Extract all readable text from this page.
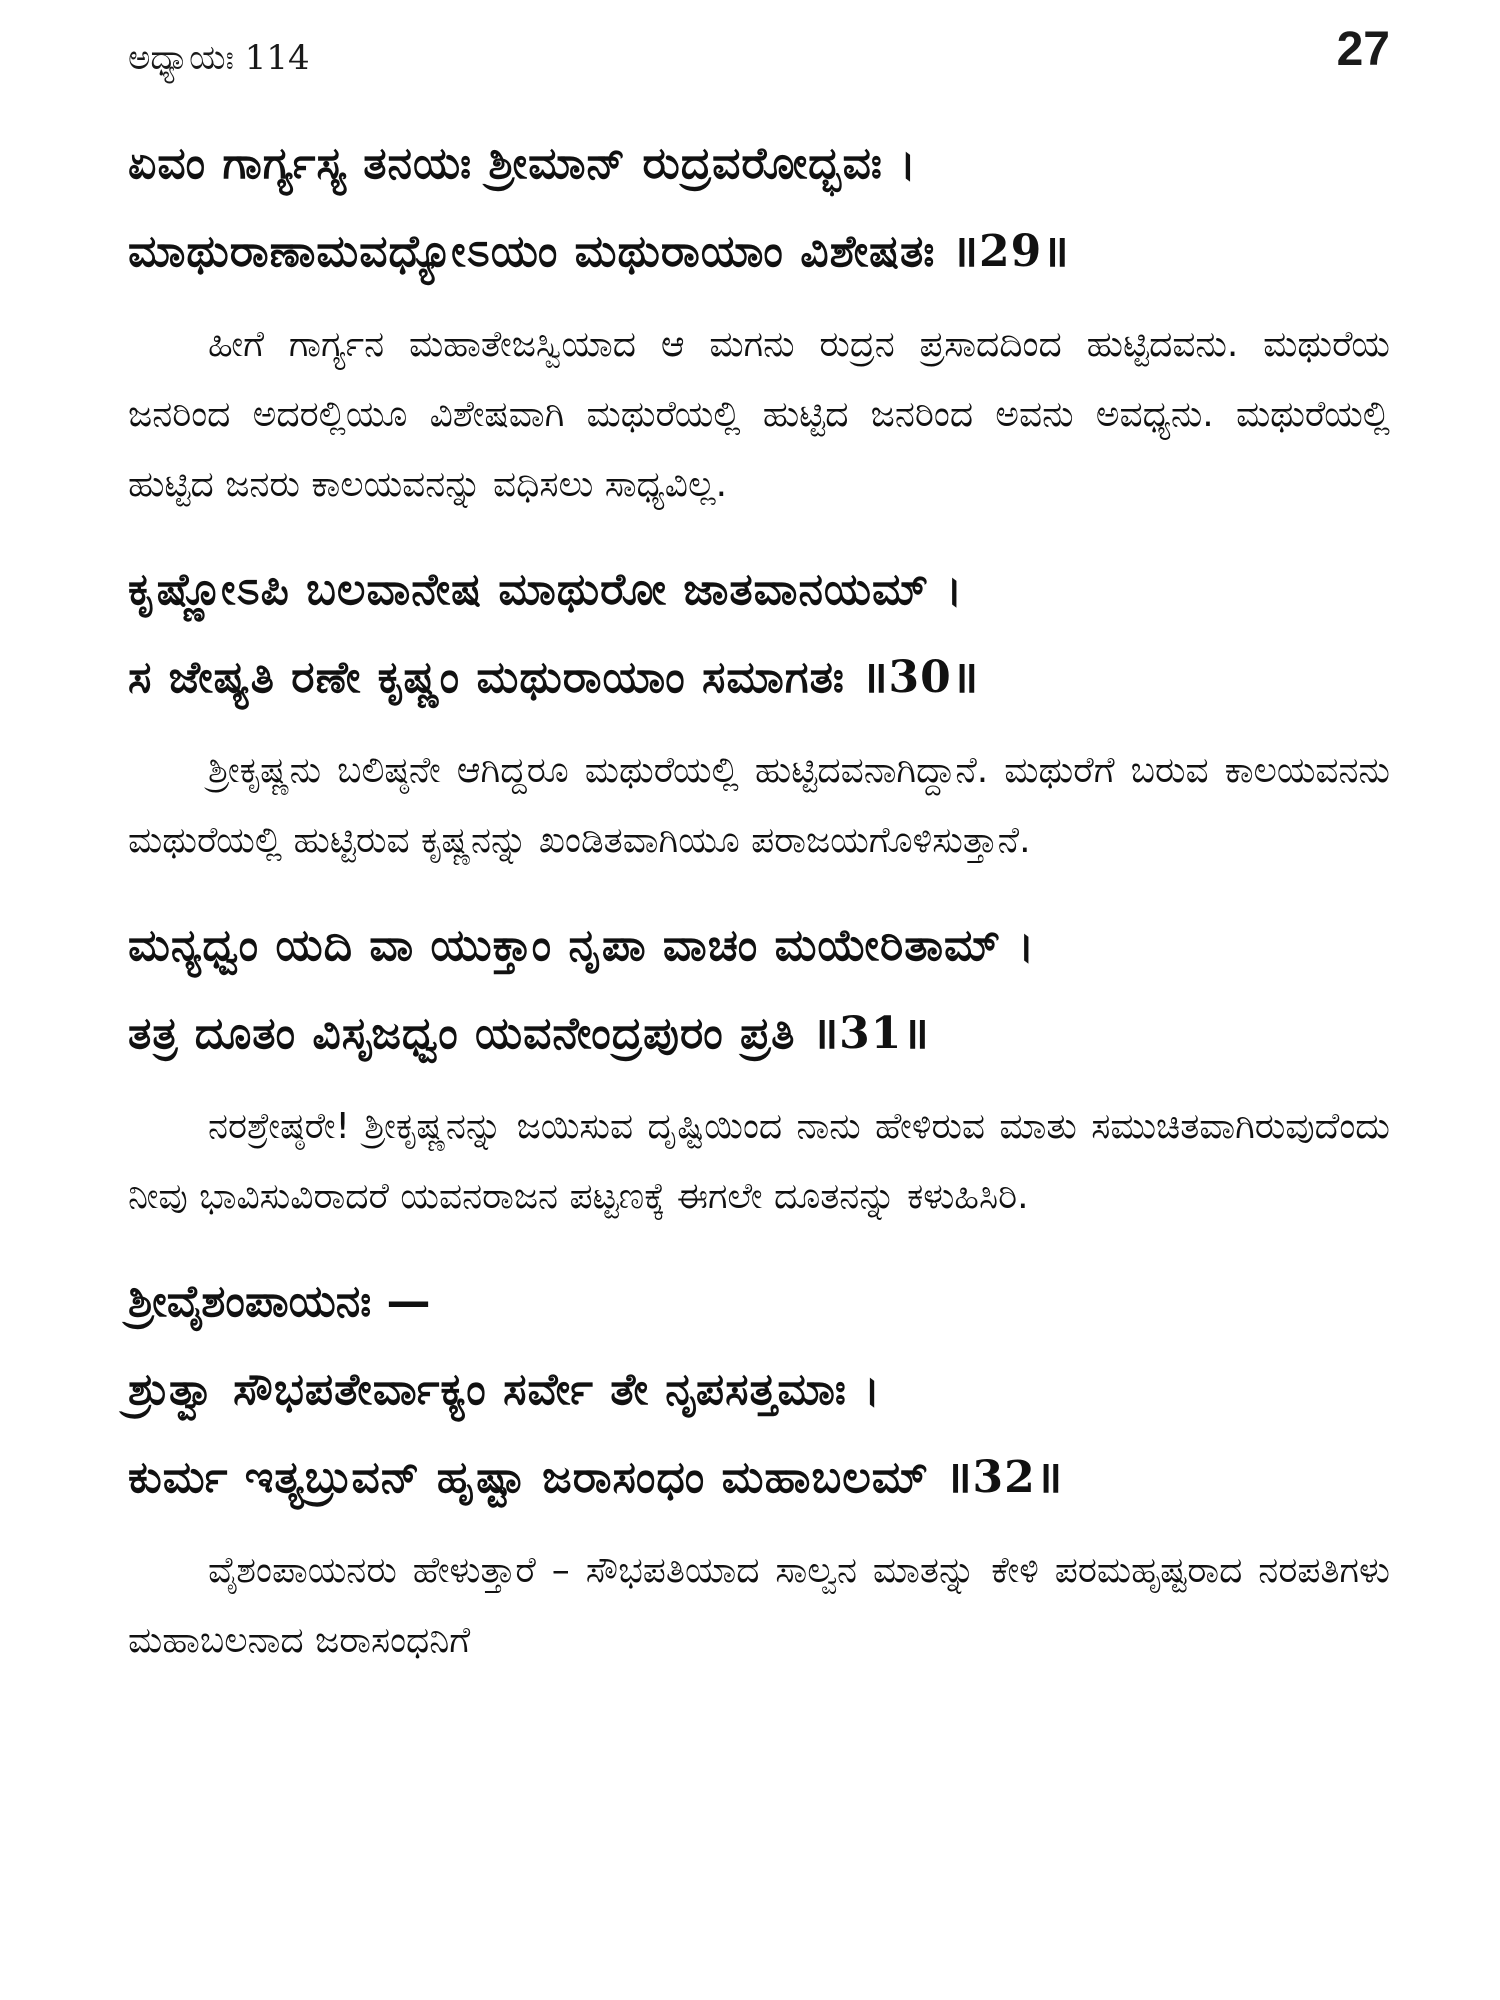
ಅಧ್ಯಾಯಃ 114	27
ಏವಂ ಗಾರ್ಗ್ಯಸ್ಯ ತನಯಃ ಶ್ರೀಮಾನ್ ರುದ್ರವರೋದ್ಭವಃ ।
ಮಾಥುರಾಣಾಮವಧ್ಯೋಽಯಂ ಮಥುರಾಯಾಂ ವಿಶೇಷತಃ ॥29॥

ಹೀಗೆ ಗಾರ್ಗ್ಯನ ಮಹಾತೇಜಸ್ವಿಯಾದ ಆ ಮಗನು ರುದ್ರನ ಪ್ರಸಾದದಿಂದ ಹುಟ್ಟಿದವನು. ಮಥುರೆಯ ಜನರಿಂದ ಅದರಲ್ಲಿಯೂ ವಿಶೇಷವಾಗಿ ಮಥುರೆಯಲ್ಲಿ ಹುಟ್ಟಿದ ಜನರಿಂದ ಅವನು ಅವಧ್ಯನು. ಮಥುರೆಯಲ್ಲಿ ಹುಟ್ಟಿದ ಜನರು ಕಾಲಯವನನ್ನು ವಧಿಸಲು ಸಾಧ್ಯವಿಲ್ಲ.

ಕೃಷ್ಣೋಽಪಿ ಬಲವಾನೇಷ ಮಾಥುರೋ ಜಾತವಾನಯಮ್ ।
ಸ ಜೇಷ್ಯತಿ ರಣೇ ಕೃಷ್ಣಂ ಮಥುರಾಯಾಂ ಸಮಾಗತಃ ॥30॥

ಶ್ರೀಕೃಷ್ಣನು ಬಲಿಷ್ಠನೇ ಆಗಿದ್ದರೂ ಮಥುರೆಯಲ್ಲಿ ಹುಟ್ಟಿದವನಾಗಿದ್ದಾನೆ. ಮಥುರೆಗೆ ಬರುವ ಕಾಲಯವನನು ಮಥುರೆಯಲ್ಲಿ ಹುಟ್ಟಿರುವ ಕೃಷ್ಣನನ್ನು ಖಂಡಿತವಾಗಿಯೂ ಪರಾಜಯಗೊಳಿಸುತ್ತಾನೆ.

ಮನ್ಯಧ್ವಂ ಯದಿ ವಾ ಯುಕ್ತಾಂ ನೃಪಾ ವಾಚಂ ಮಯೇರಿತಾಮ್ ।
ತತ್ರ ದೂತಂ ವಿಸೃಜಧ್ವಂ ಯವನೇಂದ್ರಪುರಂ ಪ್ರತಿ ॥31॥

ನರಶ್ರೇಷ್ಠರೇ! ಶ್ರೀಕೃಷ್ಣನನ್ನು ಜಯಿಸುವ ದೃಷ್ಟಿಯಿಂದ ನಾನು ಹೇಳಿರುವ ಮಾತು ಸಮುಚಿತವಾಗಿರುವುದೆಂದು ನೀವು ಭಾವಿಸುವಿರಾದರೆ ಯವನರಾಜನ ಪಟ್ಟಣಕ್ಕೆ ಈಗಲೇ ದೂತನನ್ನು ಕಳುಹಿಸಿರಿ.

ಶ್ರೀವೈಶಂಪಾಯನಃ —
ಶ್ರುತ್ವಾ ಸೌಭಪತೇರ್ವಾಕ್ಯಂ ಸರ್ವೇ ತೇ ನೃಪಸತ್ತಮಾಃ ।
ಕುರ್ಮ ಇತ್ಯಬ್ರುವನ್ ಹೃಷ್ಟಾ ಜರಾಸಂಧಂ ಮಹಾಬಲಮ್ ॥32॥

ವೈಶಂಪಾಯನರು ಹೇಳುತ್ತಾರೆ – ಸೌಭಪತಿಯಾದ ಸಾಲ್ವನ ಮಾತನ್ನು ಕೇಳಿ ಪರಮಹೃಷ್ಟರಾದ ನರಪತಿಗಳು ಮಹಾಬಲನಾದ ಜರಾಸಂಧನಿಗೆ
